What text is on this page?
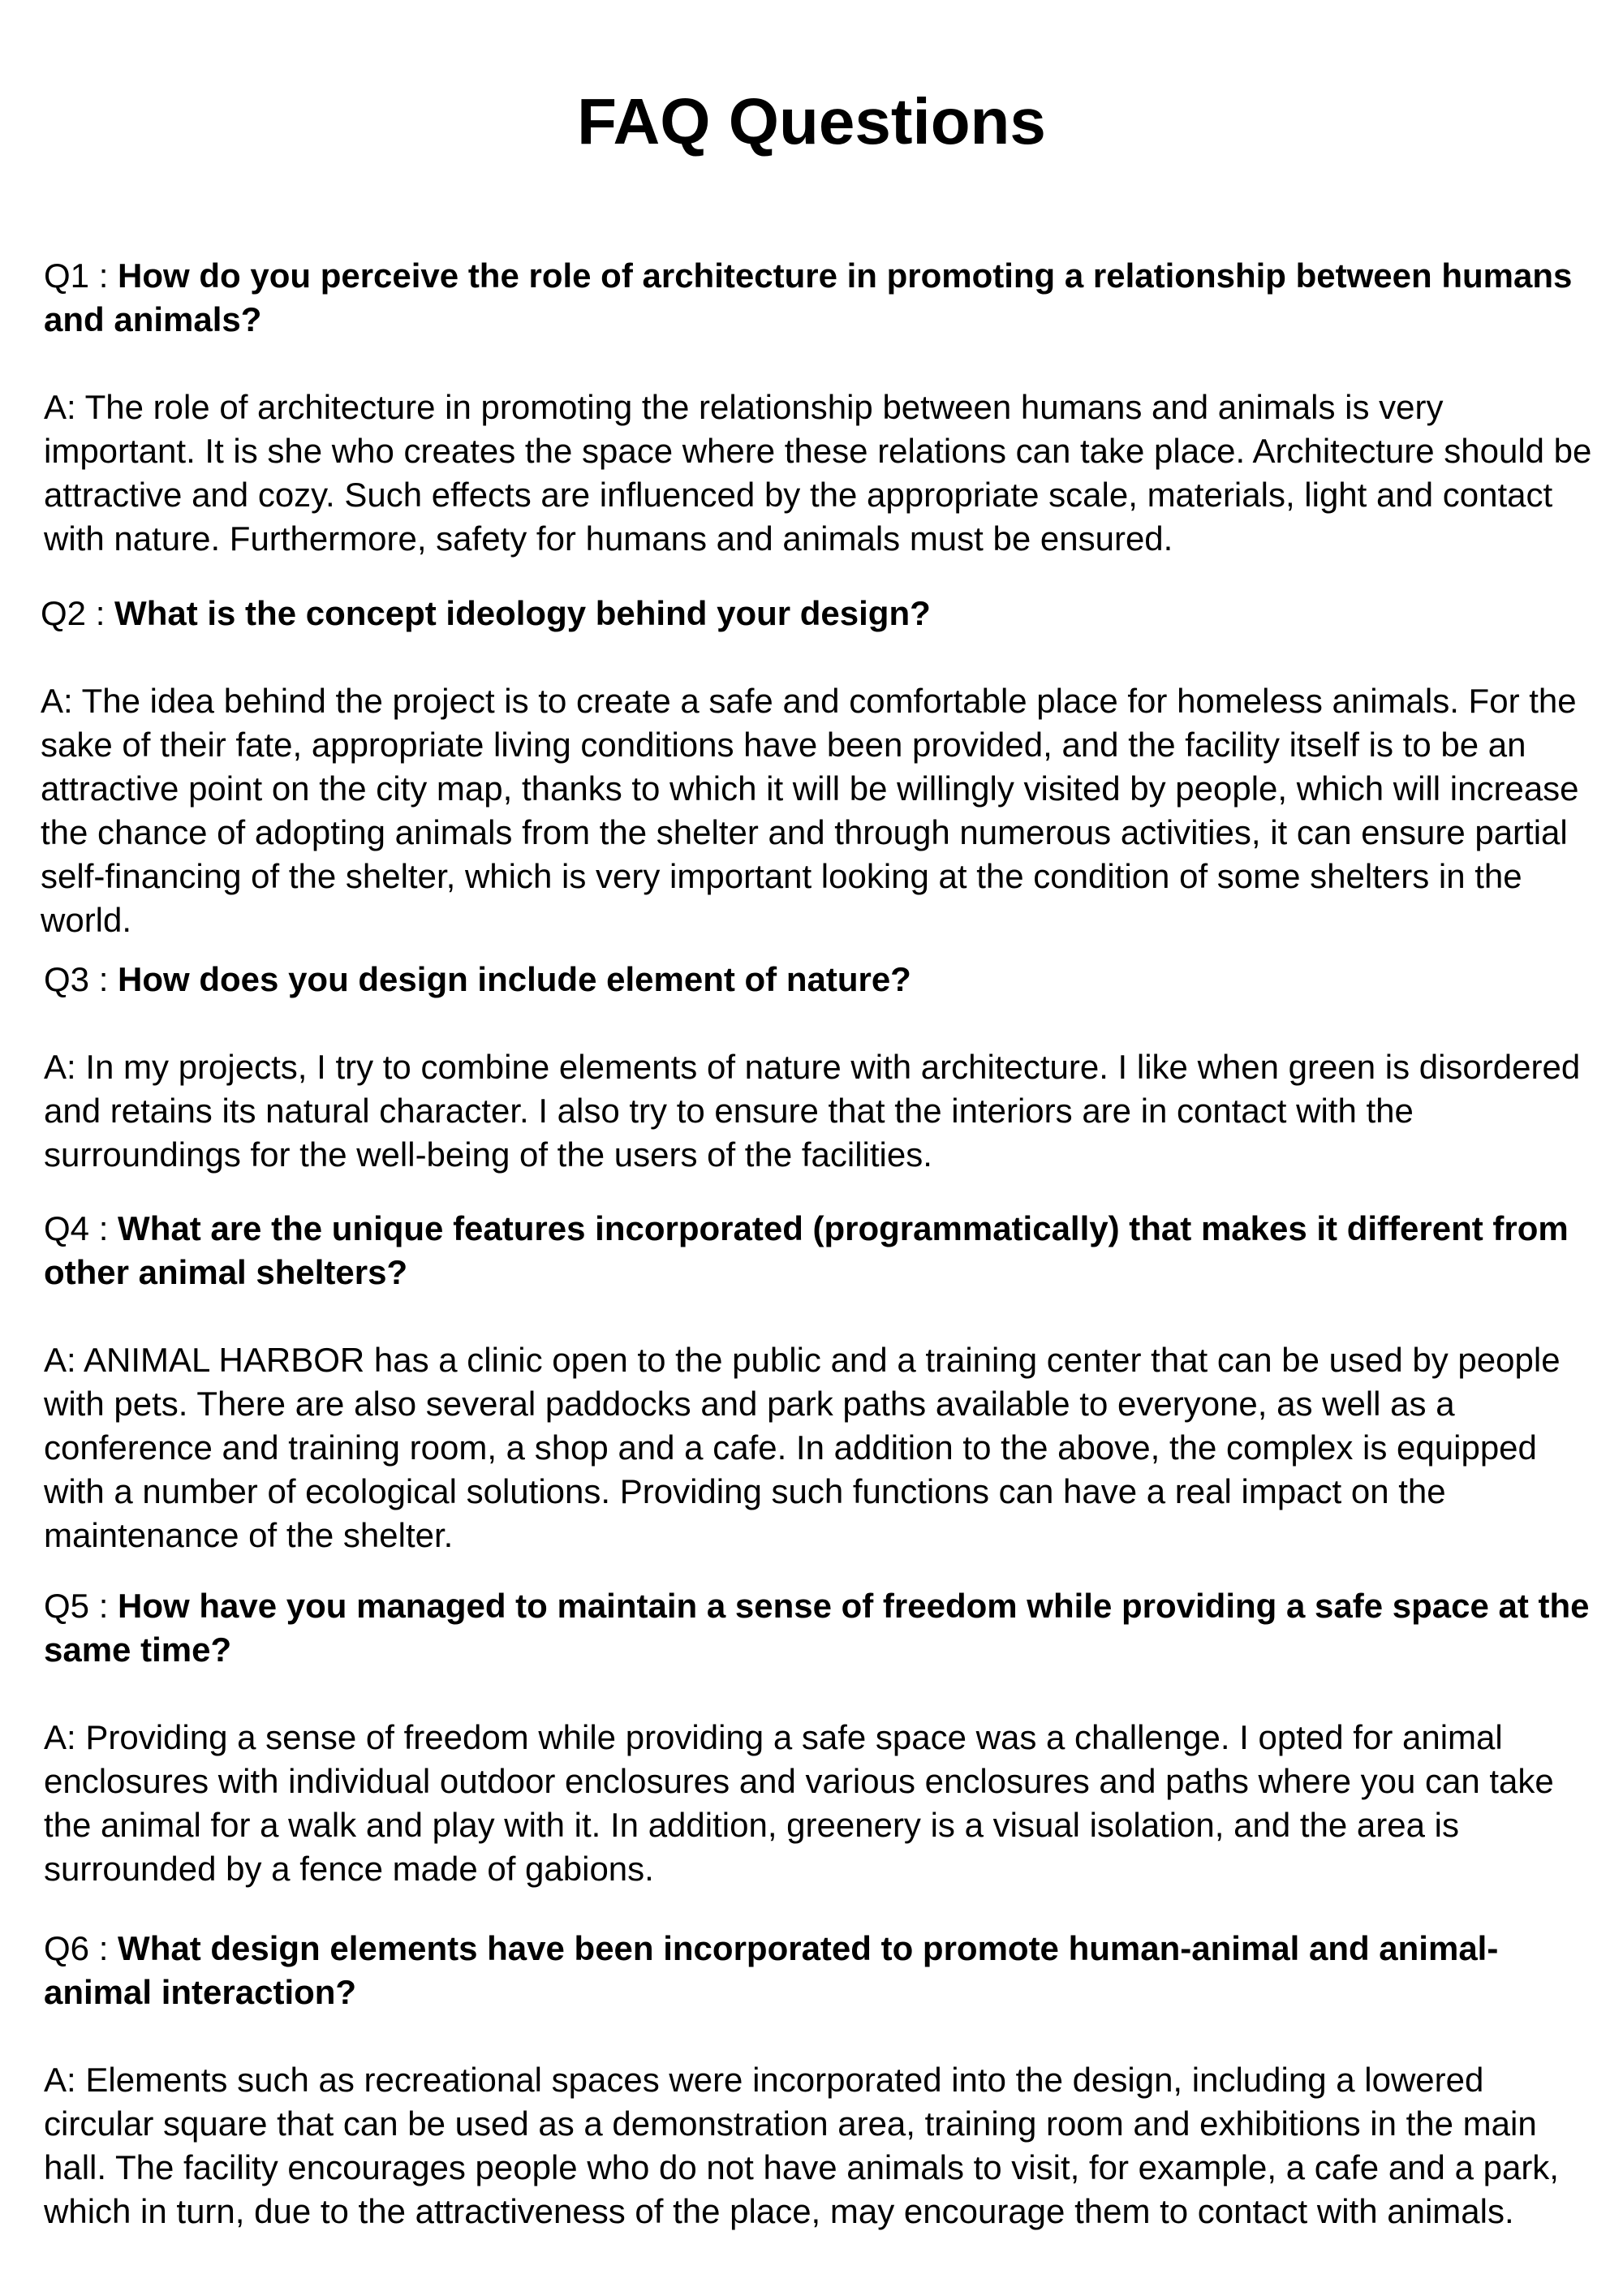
FAQ Questions

Q1 : How do you perceive the role of architecture in promoting a relationship between humans and animals?

A: The role of architecture in promoting the relationship between humans and animals is very important. It is she who creates the space where these relations can take place. Architecture should be attractive and cozy. Such effects are influenced by the appropriate scale, materials, light and contact with nature. Furthermore, safety for humans and animals must be ensured.

Q2 : What is the concept ideology behind your design?

A: The idea behind the project is to create a safe and comfortable place for homeless animals. For the sake of their fate, appropriate living conditions have been provided, and the facility itself is to be an attractive point on the city map, thanks to which it will be willingly visited by people, which will increase the chance of adopting animals from the shelter and through numerous activities, it can ensure partial self-financing of the shelter, which is very important looking at the condition of some shelters in the world.

Q3 : How does you design include element of nature?

A: In my projects, I try to combine elements of nature with architecture. I like when green is disordered and retains its natural character. I also try to ensure that the interiors are in contact with the surroundings for the well-being of the users of the facilities.

Q4 : What are the unique features incorporated (programmatically) that makes it different from other animal shelters?

A: ANIMAL HARBOR has a clinic open to the public and a training center that can be used by people with pets. There are also several paddocks and park paths available to everyone, as well as a conference and training room, a shop and a cafe. In addition to the above, the complex is equipped with a number of ecological solutions. Providing such functions can have a real impact on the maintenance of the shelter.

Q5 : How have you managed to maintain a sense of freedom while providing a safe space at the same time?

A: Providing a sense of freedom while providing a safe space was a challenge. I opted for animal enclosures with individual outdoor enclosures and various enclosures and paths where you can take the animal for a walk and play with it. In addition, greenery is a visual isolation, and the area is surrounded by a fence made of gabions.

Q6 : What design elements have been incorporated to promote human-animal and animal-animal interaction?

A: Elements such as recreational spaces were incorporated into the design, including a lowered circular square that can be used as a demonstration area, training room and exhibitions in the main hall. The facility encourages people who do not have animals to visit, for example, a cafe and a park, which in turn, due to the attractiveness of the place, may encourage them to contact with animals.
